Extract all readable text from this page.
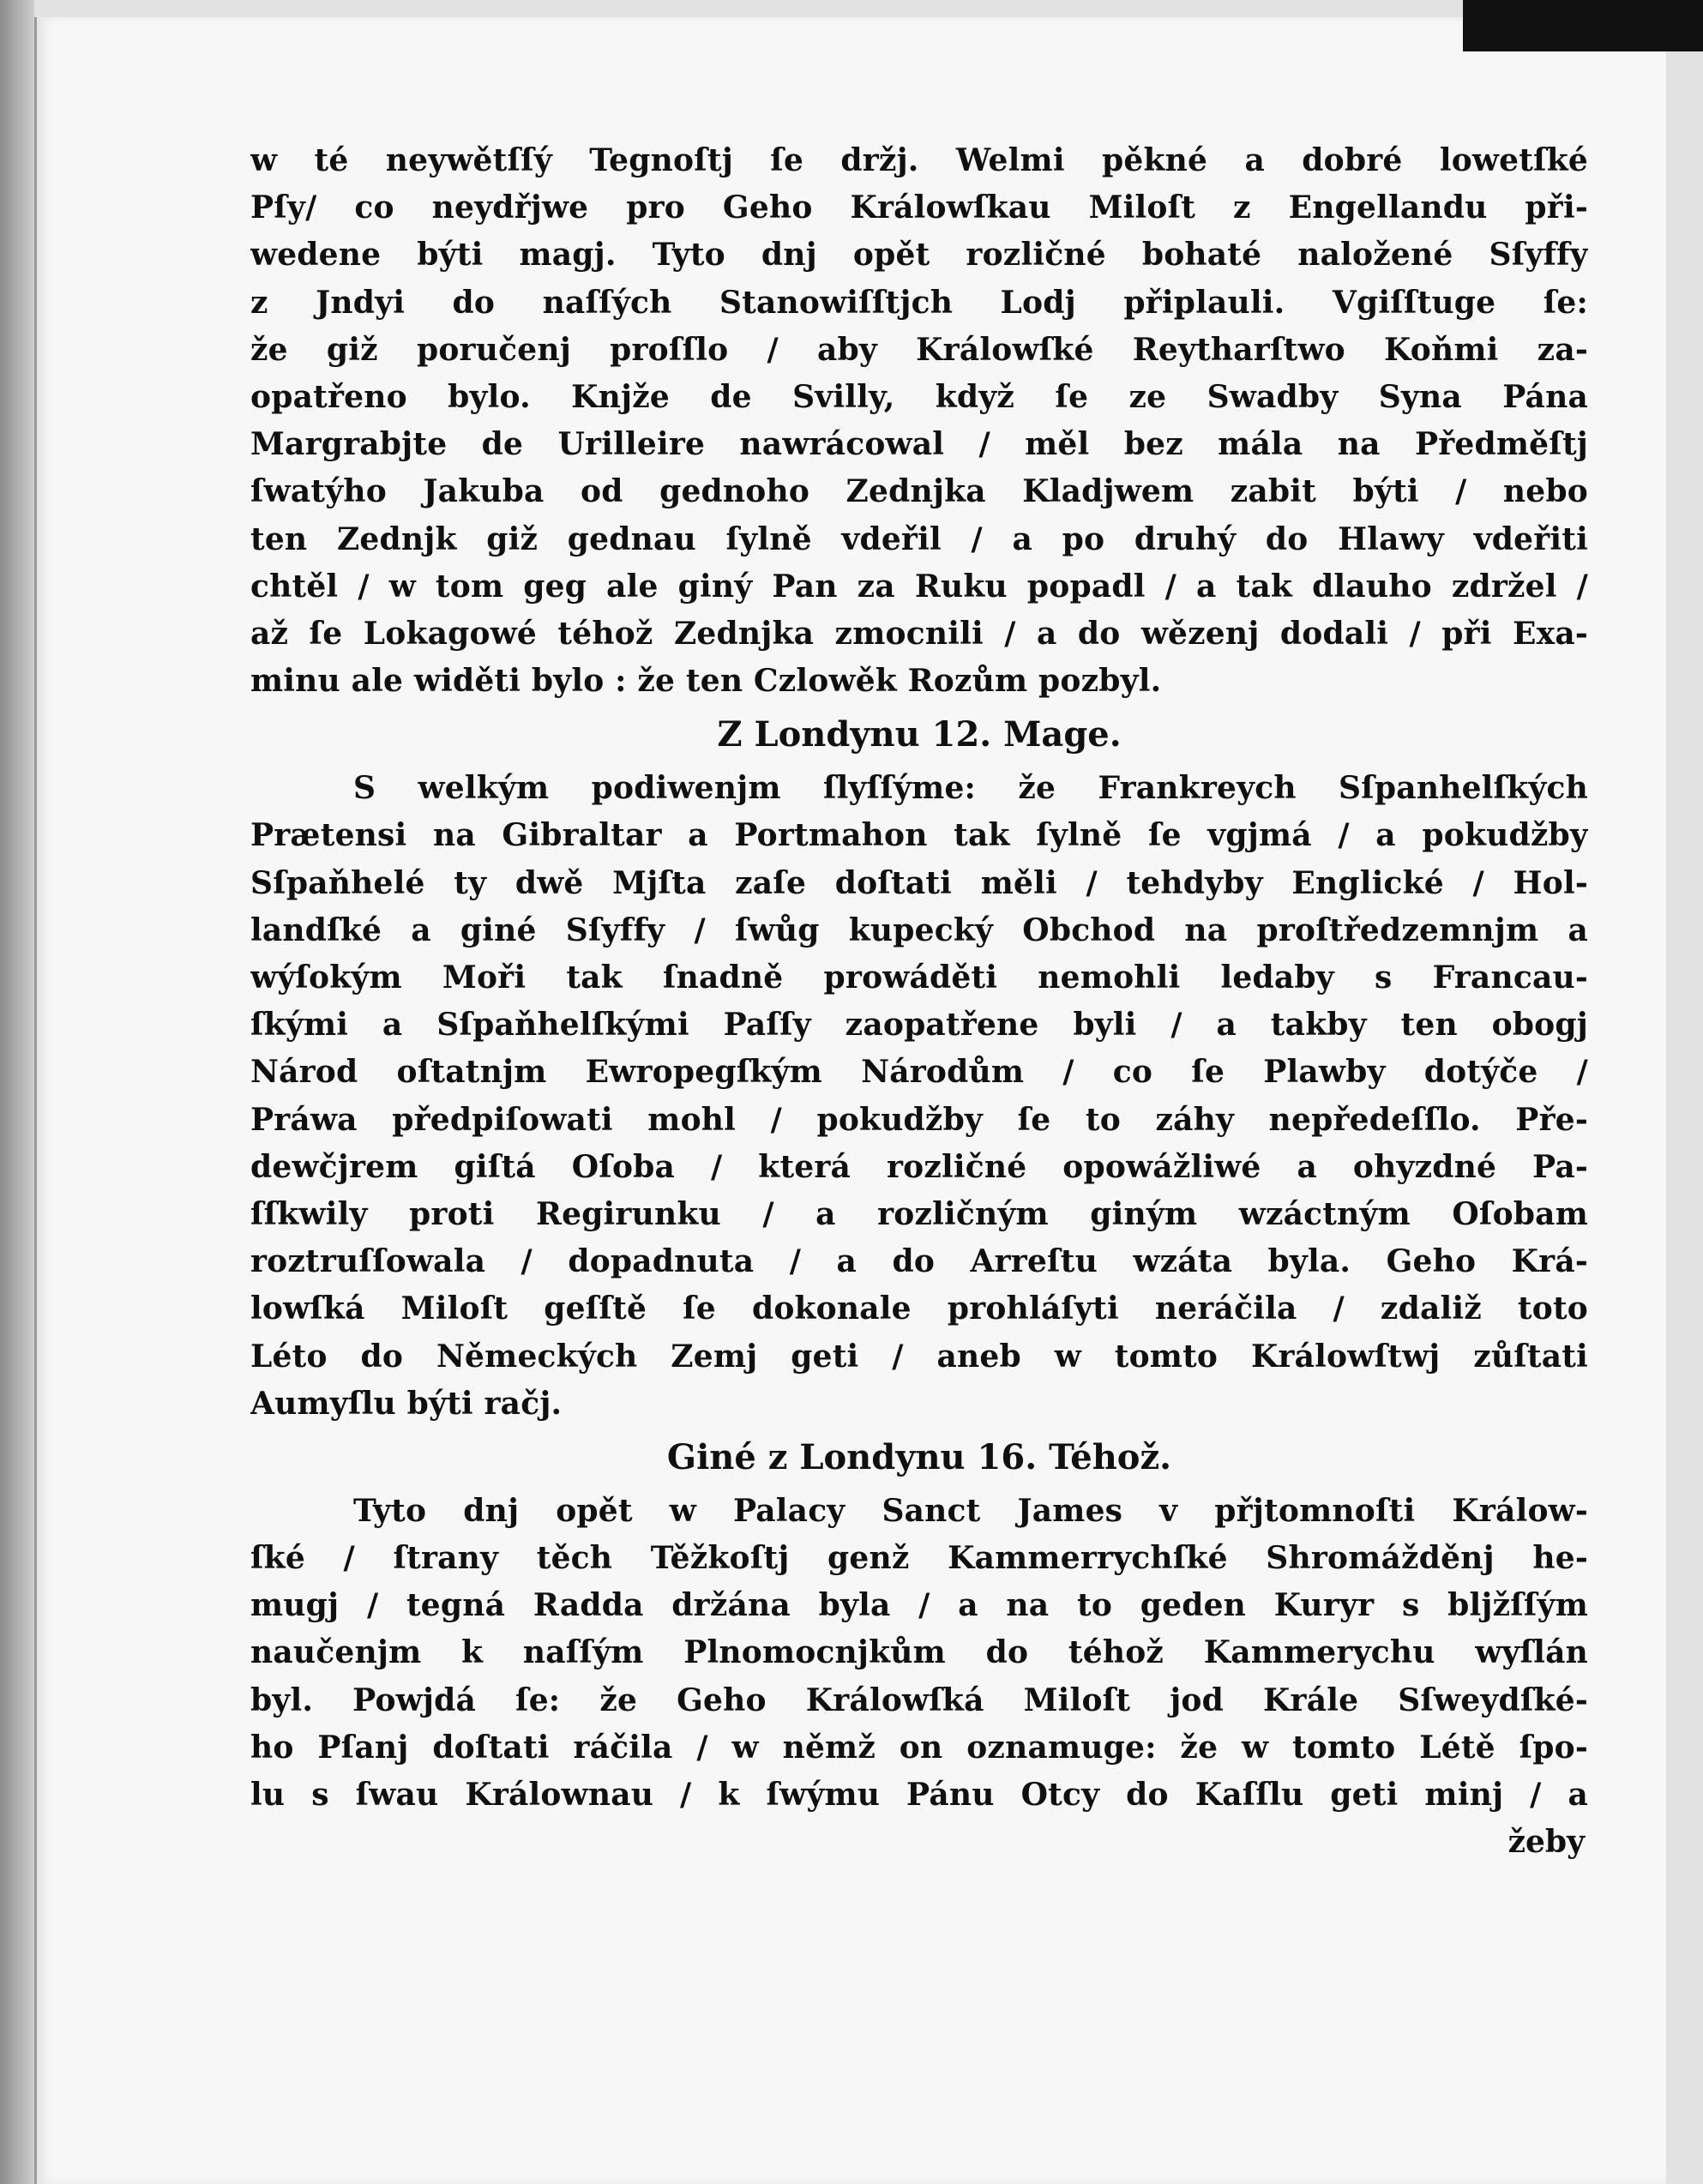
w té neywětſſý Tegnoſtj ſe držj. Welmi pěkné a dobré lowetſké
Pſy/ co neydřjwe pro Geho Králowſkau Miloſt z Engellandu při-
wedene býti magj. Tyto dnj opět rozličné bohaté naložené Sſyffy
z Jndyi do naſſých Stanowiſſtjch Lodj připlauli. Vgiſſtuge ſe:
že giž poručenj proſſlo / aby Králowſké Reytharſtwo Koňmi za-
opatřeno bylo. Knjže de Svilly, když ſe ze Swadby Syna Pána
Margrabjte de Urilleire nawrácowal / měl bez mála na Předměſtj
ſwatýho Jakuba od gednoho Zednjka Kladjwem zabit býti / nebo
ten Zednjk giž gednau ſylně vdeřil / a po druhý do Hlawy vdeřiti
chtěl / w tom geg ale giný Pan za Ruku popadl / a tak dlauho zdržel /
až ſe Lokagowé téhož Zednjka zmocnili / a do wězenj dodali / při Exa-
minu ale widěti bylo : že ten Czlowěk Rozům pozbyl.
Z Londynu 12. Mage.
S welkým podiwenjm ſlyſſýme: že Frankreych Sſpanhelſkých
Prætensi na Gibraltar a Portmahon tak ſylně ſe vgjmá / a pokudžby
Sſpaňhelé ty dwě Mjſta zaſe doſtati měli / tehdyby Englické / Hol-
landſké a giné Sſyffy / ſwůg kupecký Obchod na proſtředzemnjm a
wýſokým Moři tak ſnadně prowáděti nemohli ledaby s Francau-
ſkými a Sſpaňhelſkými Paſſy zaopatřene byli / a takby ten obogj
Národ oſtatnjm Ewropegſkým Národům / co ſe Plawby dotýče /
Práwa předpiſowati mohl / pokudžby ſe to záhy nepředeſſlo. Pře-
dewčjrem giſtá Oſoba / která rozličné opowážliwé a ohyzdné Pa-
ſſkwily proti Regirunku / a rozličným giným wzáctným Oſobam
roztruſſowala / dopadnuta / a do Arreſtu wzáta byla. Geho Krá-
lowſká Miloſt geſſtě ſe dokonale prohláſyti neráčila / zdaliž toto
Léto do Německých Zemj geti / aneb w tomto Králowſtwj zůſtati
Aumyſlu býti račj.
Giné z Londynu 16. Téhož.
Tyto dnj opět w Palacy Sanct James v přjtomnoſti Králow-
ſké / ſtrany těch Těžkoſtj genž Kammerrychſké Shromážděnj he-
mugj / tegná Radda držána byla / a na to geden Kuryr s bljžſſým
naučenjm k naſſým Plnomocnjkům do téhož Kammerychu wyſlán
byl. Powjdá ſe: že Geho Králowſká Miloſt jod Krále Sſweydſké-
ho Pſanj doſtati ráčila / w němž on oznamuge: že w tomto Létě ſpo-
lu s ſwau Králownau / k ſwýmu Pánu Otcy do Kaſſlu geti minj / a
žeby
